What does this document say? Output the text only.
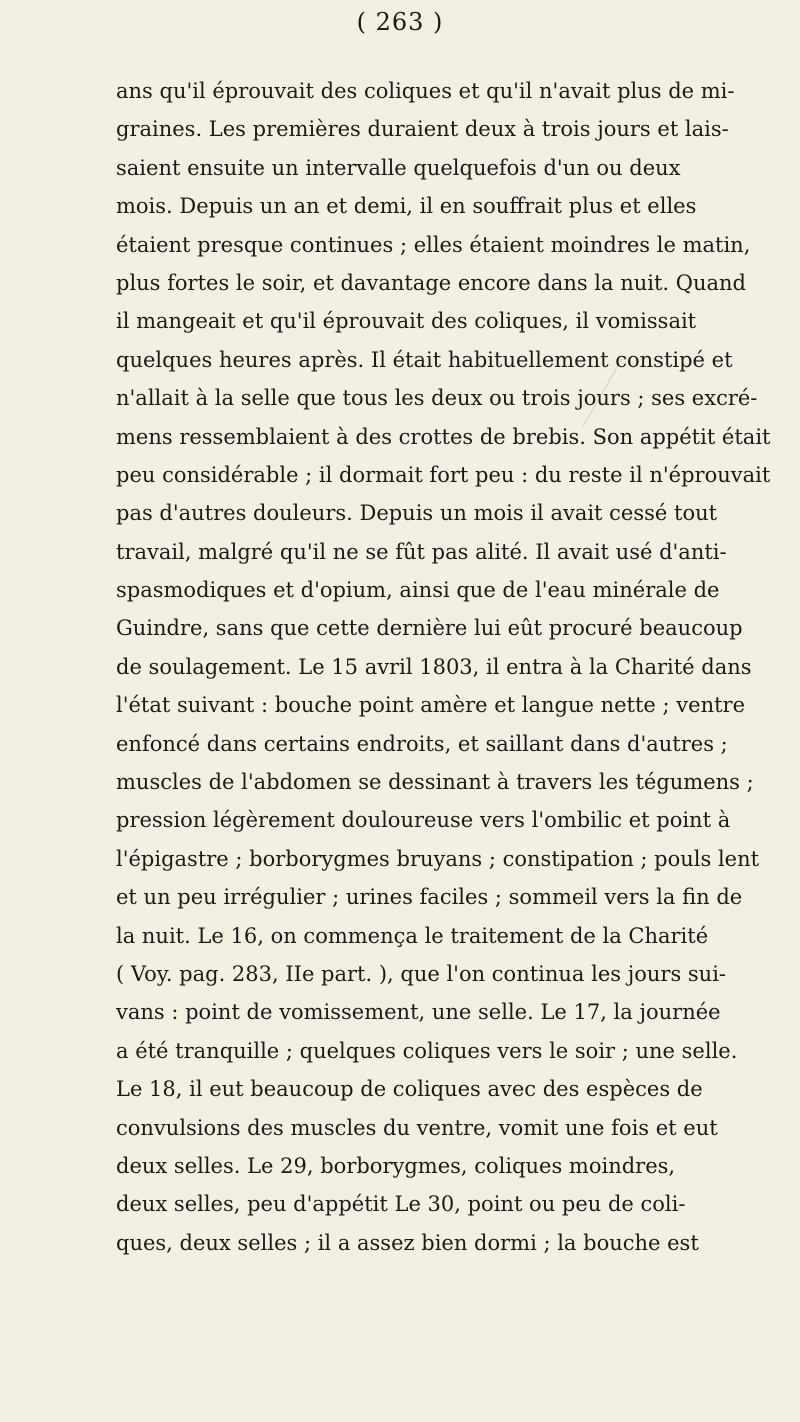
( 263 )
ans qu'il éprouvait des coliques et qu'il n'avait plus de mi-
graines. Les premières duraient deux à trois jours et lais-
saient ensuite un intervalle quelquefois d'un ou deux
mois. Depuis un an et demi, il en souffrait plus et elles
étaient presque continues ; elles étaient moindres le matin,
plus fortes le soir, et davantage encore dans la nuit. Quand
il mangeait et qu'il éprouvait des coliques, il vomissait
quelques heures après. Il était habituellement constipé et
n'allait à la selle que tous les deux ou trois jours ; ses excré-
mens ressemblaient à des crottes de brebis. Son appétit était
peu considérable ; il dormait fort peu : du reste il n'éprouvait
pas d'autres douleurs. Depuis un mois il avait cessé tout
travail, malgré qu'il ne se fût pas alité. Il avait usé d'anti-
spasmodiques et d'opium, ainsi que de l'eau minérale de
Guindre, sans que cette dernière lui eût procuré beaucoup
de soulagement. Le 15 avril 1803, il entra à la Charité dans
l'état suivant : bouche point amère et langue nette ; ventre
enfoncé dans certains endroits, et saillant dans d'autres ;
muscles de l'abdomen se dessinant à travers les tégumens ;
pression légèrement douloureuse vers l'ombilic et point à
l'épigastre ; borborygmes bruyans ; constipation ; pouls lent
et un peu irrégulier ; urines faciles ; sommeil vers la fin de
la nuit. Le 16, on commença le traitement de la Charité
( Voy. pag. 283, IIe part. ), que l'on continua les jours sui-
vans : point de vomissement, une selle. Le 17, la journée
a été tranquille ; quelques coliques vers le soir ; une selle.
Le 18, il eut beaucoup de coliques avec des espèces de
convulsions des muscles du ventre, vomit une fois et eut
deux selles. Le 29, borborygmes, coliques moindres,
deux selles, peu d'appétit Le 30, point ou peu de coli-
ques, deux selles ; il a assez bien dormi ; la bouche est
